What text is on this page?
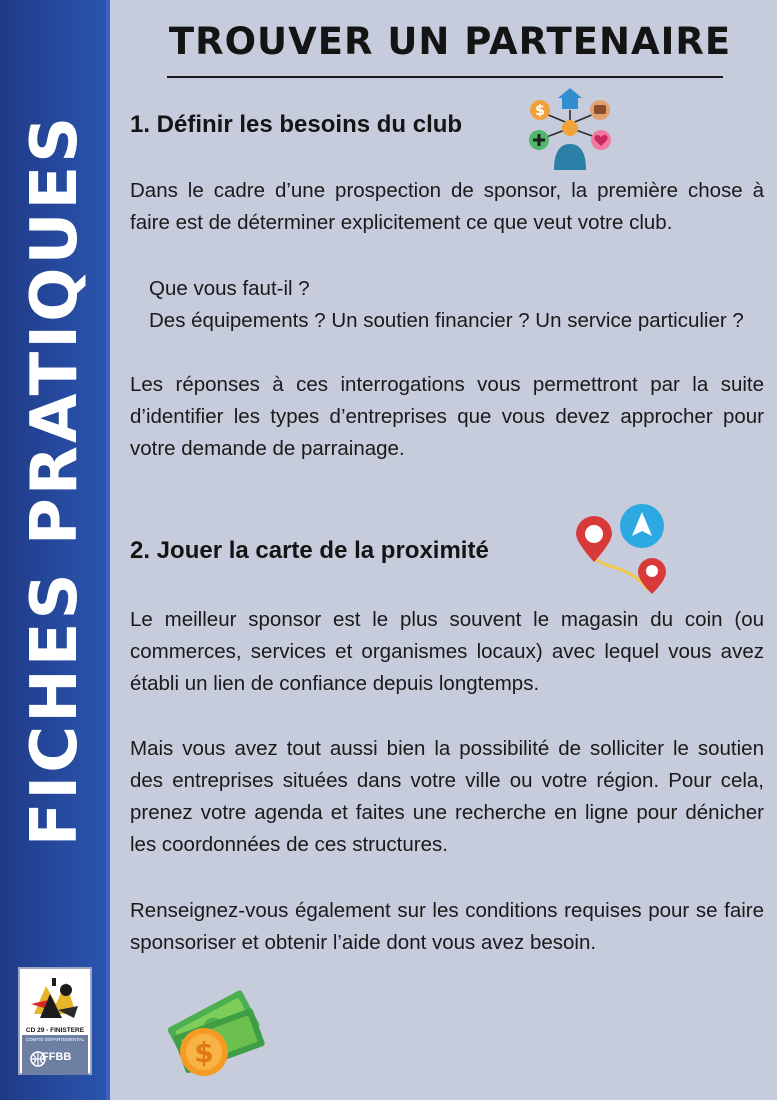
FICHES PRATIQUES
CD 29 - FINISTERE
COMITÉ DÉPARTEMENTAL
FFBB
TROUVER UN PARTENAIRE
1. Définir les besoins du club	$
Dans le cadre d’une prospection de sponsor, la première chose à faire est de déterminer explicitement ce que veut votre club.
Que vous faut-il ?
Des équipements ? Un soutien financier ? Un service particulier ?
Les réponses à ces interrogations vous permettront par la suite d’identifier les types d’entreprises que vous devez approcher pour votre demande de parrainage.
2. Jouer la carte de la proximité
Le meilleur sponsor est le plus souvent le magasin du coin (ou commerces, services et organismes locaux) avec lequel vous avez établi un lien de confiance depuis longtemps.
Mais vous avez tout aussi bien la possibilité de solliciter le soutien des entreprises situées dans votre ville ou votre région. Pour cela, prenez votre agenda et faites une recherche en ligne pour dénicher les coordonnées de ces structures.
Renseignez-vous également sur les conditions requises pour se faire sponsoriser et obtenir l’aide dont vous avez besoin.
$
